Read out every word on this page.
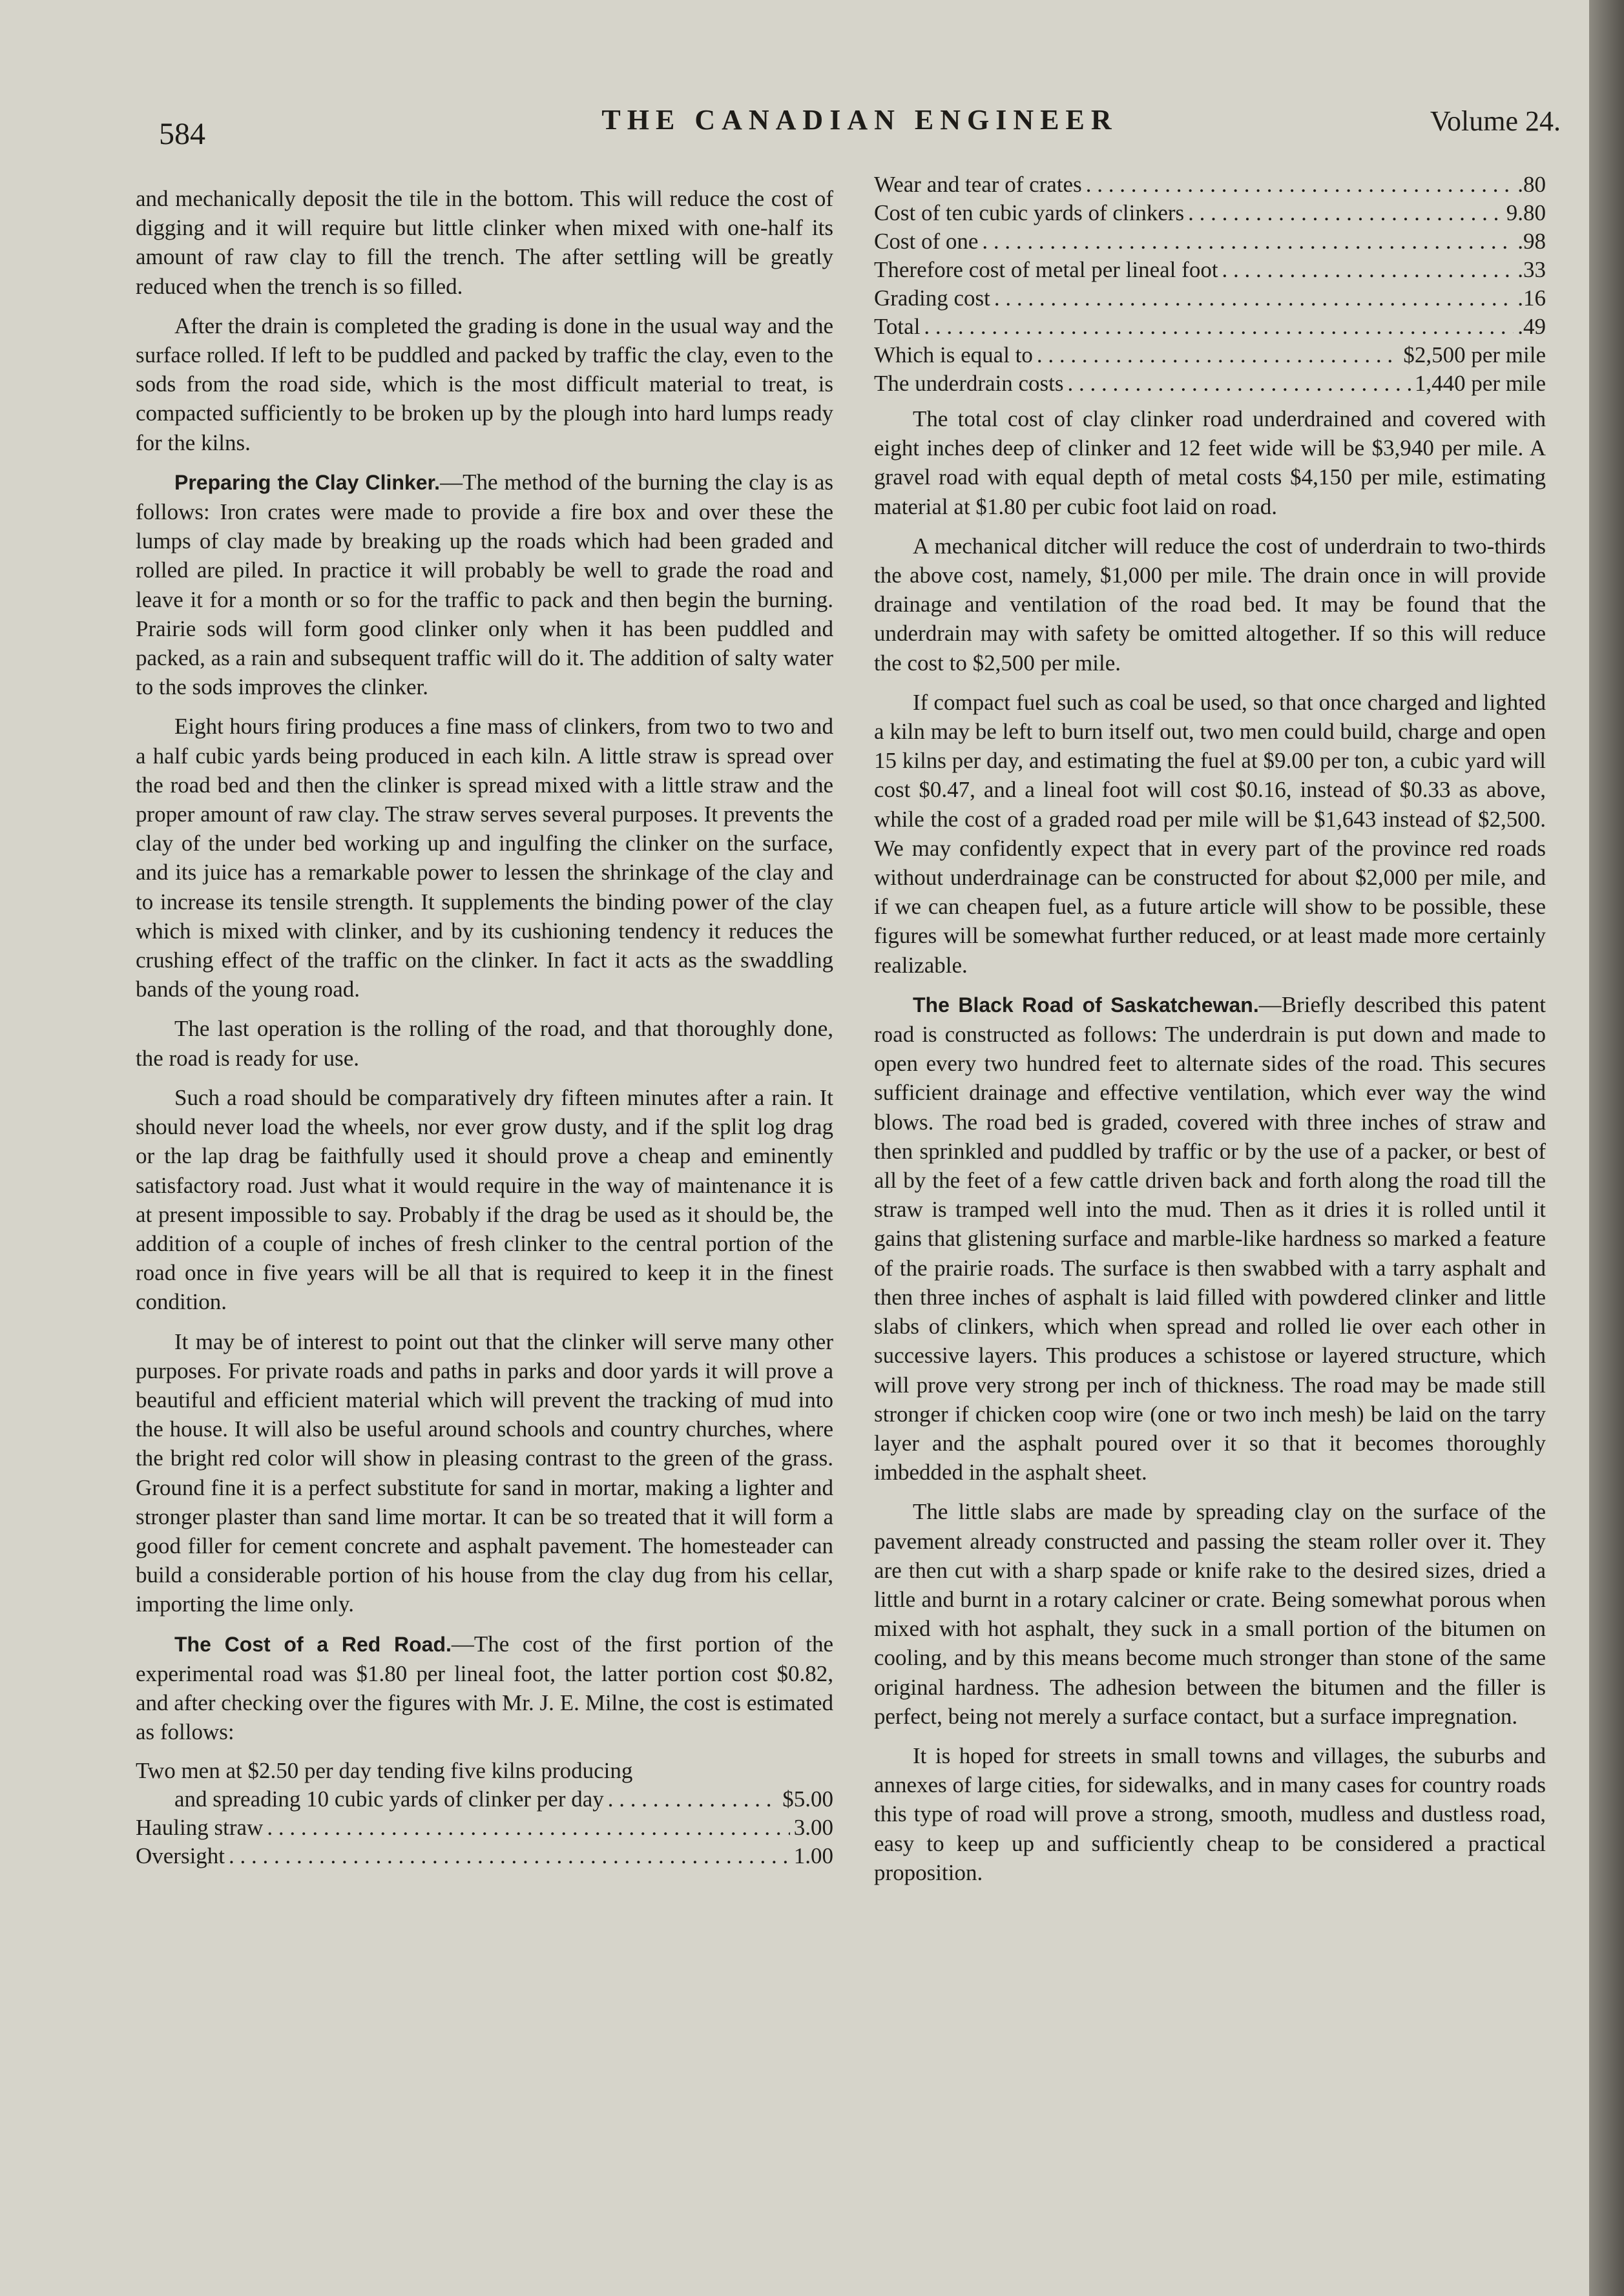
584	THE CANADIAN ENGINEER	Volume 24.

and mechanically deposit the tile in the bottom. This will reduce the cost of digging and it will require but little clinker when mixed with one-half its amount of raw clay to fill the trench. The after settling will be greatly reduced when the trench is so filled.

After the drain is completed the grading is done in the usual way and the surface rolled. If left to be puddled and packed by traffic the clay, even to the sods from the road side, which is the most difficult material to treat, is compacted sufficiently to be broken up by the plough into hard lumps ready for the kilns.

Preparing the Clay Clinker.—The method of the burning the clay is as follows: Iron crates were made to provide a fire box and over these the lumps of clay made by breaking up the roads which had been graded and rolled are piled. In practice it will probably be well to grade the road and leave it for a month or so for the traffic to pack and then begin the burning. Prairie sods will form good clinker only when it has been puddled and packed, as a rain and subsequent traffic will do it. The addition of salty water to the sods improves the clinker.

Eight hours firing produces a fine mass of clinkers, from two to two and a half cubic yards being produced in each kiln. A little straw is spread over the road bed and then the clinker is spread mixed with a little straw and the proper amount of raw clay. The straw serves several purposes. It prevents the clay of the under bed working up and ingulfing the clinker on the surface, and its juice has a remarkable power to lessen the shrinkage of the clay and to increase its tensile strength. It supplements the binding power of the clay which is mixed with clinker, and by its cushioning tendency it reduces the crushing effect of the traffic on the clinker. In fact it acts as the swaddling bands of the young road.

The last operation is the rolling of the road, and that thoroughly done, the road is ready for use.

Such a road should be comparatively dry fifteen minutes after a rain. It should never load the wheels, nor ever grow dusty, and if the split log drag or the lap drag be faithfully used it should prove a cheap and eminently satisfactory road. Just what it would require in the way of maintenance it is at present impossible to say. Probably if the drag be used as it should be, the addition of a couple of inches of fresh clinker to the central portion of the road once in five years will be all that is required to keep it in the finest condition.

It may be of interest to point out that the clinker will serve many other purposes. For private roads and paths in parks and door yards it will prove a beautiful and efficient material which will prevent the tracking of mud into the house. It will also be useful around schools and country churches, where the bright red color will show in pleasing contrast to the green of the grass. Ground fine it is a perfect substitute for sand in mortar, making a lighter and stronger plaster than sand lime mortar. It can be so treated that it will form a good filler for cement concrete and asphalt pavement. The homesteader can build a considerable portion of his house from the clay dug from his cellar, importing the lime only.

The Cost of a Red Road.—The cost of the first portion of the experimental road was $1.80 per lineal foot, the latter portion cost $0.82, and after checking over the figures with Mr. J. E. Milne, the cost is estimated as follows:

Two men at $2.50 per day tending five kilns producing
and spreading 10 cubic yards of clinker per day . . .	$5.00
Hauling straw . . .	3.00
Oversight . . .	1.00
Wear and tear of crates . . .	.80
Cost of ten cubic yards of clinkers . . .	9.80
Cost of one . . .	.98
Therefore cost of metal per lineal foot . . .	.33
Grading cost . . .	.16
Total . . .	.49
Which is equal to . . .	$2,500 per mile
The underdrain costs . . .	1,440 per mile

The total cost of clay clinker road underdrained and covered with eight inches deep of clinker and 12 feet wide will be $3,940 per mile. A gravel road with equal depth of metal costs $4,150 per mile, estimating material at $1.80 per cubic foot laid on road.

A mechanical ditcher will reduce the cost of underdrain to two-thirds the above cost, namely, $1,000 per mile. The drain once in will provide drainage and ventilation of the road bed. It may be found that the underdrain may with safety be omitted altogether. If so this will reduce the cost to $2,500 per mile.

If compact fuel such as coal be used, so that once charged and lighted a kiln may be left to burn itself out, two men could build, charge and open 15 kilns per day, and estimating the fuel at $9.00 per ton, a cubic yard will cost $0.47, and a lineal foot will cost $0.16, instead of $0.33 as above, while the cost of a graded road per mile will be $1,643 instead of $2,500. We may confidently expect that in every part of the province red roads without underdrainage can be constructed for about $2,000 per mile, and if we can cheapen fuel, as a future article will show to be possible, these figures will be somewhat further reduced, or at least made more certainly realizable.

The Black Road of Saskatchewan.—Briefly described this patent road is constructed as follows: The underdrain is put down and made to open every two hundred feet to alternate sides of the road. This secures sufficient drainage and effective ventilation, which ever way the wind blows. The road bed is graded, covered with three inches of straw and then sprinkled and puddled by traffic or by the use of a packer, or best of all by the feet of a few cattle driven back and forth along the road till the straw is tramped well into the mud. Then as it dries it is rolled until it gains that glistening surface and marble-like hardness so marked a feature of the prairie roads. The surface is then swabbed with a tarry asphalt and then three inches of asphalt is laid filled with powdered clinker and little slabs of clinkers, which when spread and rolled lie over each other in successive layers. This produces a schistose or layered structure, which will prove very strong per inch of thickness. The road may be made still stronger if chicken coop wire (one or two inch mesh) be laid on the tarry layer and the asphalt poured over it so that it becomes thoroughly imbedded in the asphalt sheet.

The little slabs are made by spreading clay on the surface of the pavement already constructed and passing the steam roller over it. They are then cut with a sharp spade or knife rake to the desired sizes, dried a little and burnt in a rotary calciner or crate. Being somewhat porous when mixed with hot asphalt, they suck in a small portion of the bitumen on cooling, and by this means become much stronger than stone of the same original hardness. The adhesion between the bitumen and the filler is perfect, being not merely a surface contact, but a surface impregnation.

It is hoped for streets in small towns and villages, the suburbs and annexes of large cities, for sidewalks, and in many cases for country roads this type of road will prove a strong, smooth, mudless and dustless road, easy to keep up and sufficiently cheap to be considered a practical proposition.
